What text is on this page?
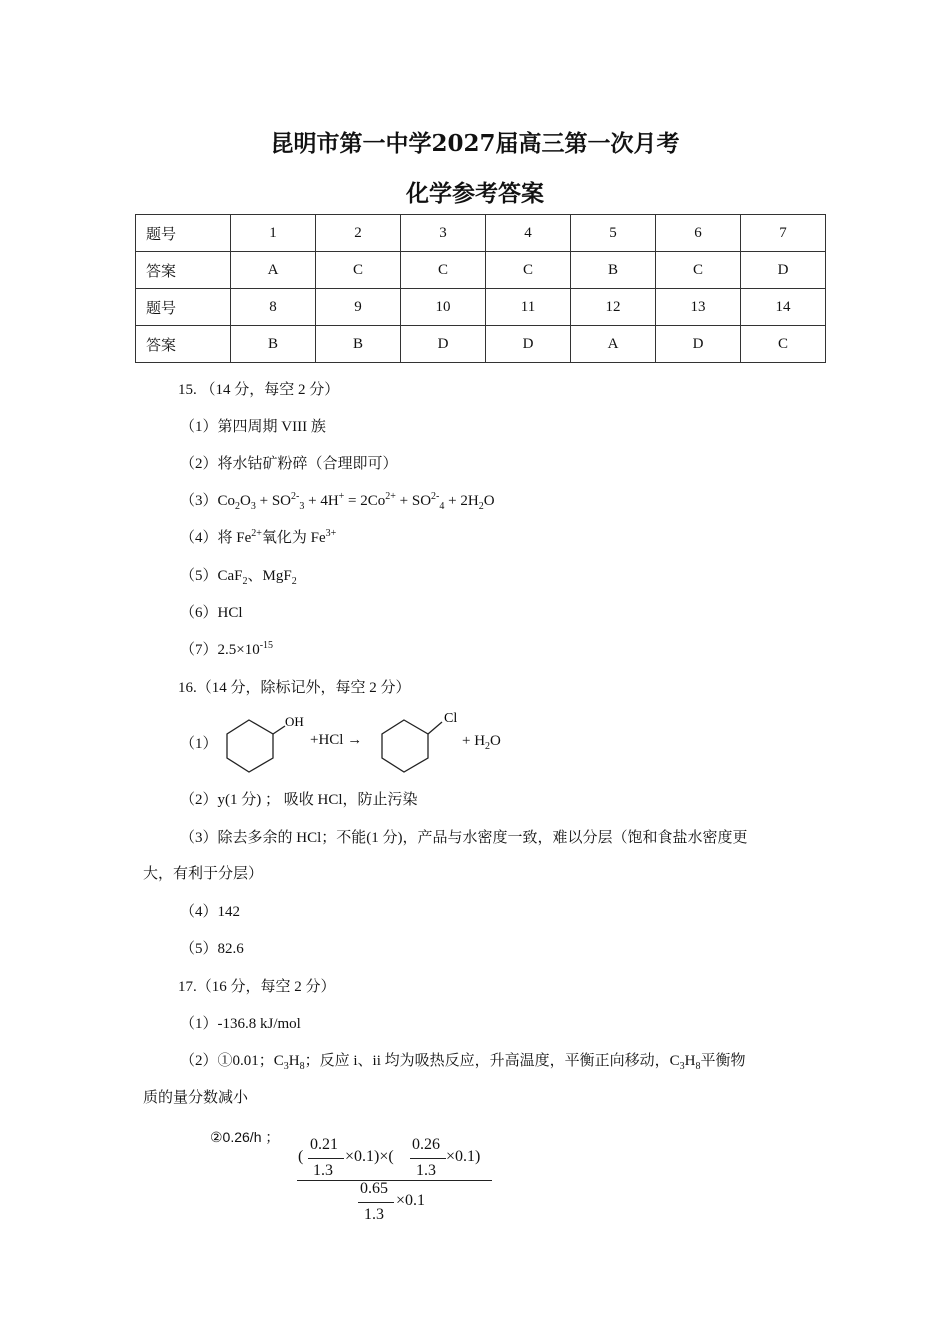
昆明市第一中学2027届高三第一次月考
化学参考答案
题号	1	2	3	4	5	6	7
答案	A	C	C	C	B	C	D
题号	8	9	10	11	12	13	14
答案	B	B	D	D	A	D	C
15. （14 分，每空 2 分）
（1）第四周期 VIII 族
（2）将水钴矿粉碎（合理即可）
$(3)Co_2O_3 + SO^{2-}_3 + 4H^+ = 2Co^{2+} + SO^{2-}_4 + 2H_2O$
（4）将 $Fe^{2+}$氧化为 $Fe^{3+}$
（5）CaF$_2$、MgF$_2$
（6）HCl
$(7)2.5\times 10^{-15}$
16.（14 分，除标记外，每空 2 分）
（1）
OH
+HCl →
Cl
+ $H_2O$
（2）y(1 分) ； 吸收 HCl，防止污染
（3）除去多余的 HCl；不能(1 分)，产品与水密度一致，难以分层（饱和食盐水密度更
大，有利于分层）
（4）142
（5）82.6
17.（16 分，每空 2 分）
（1）-136.8 kJ/mol
（2）①0.01；$C_3H_8$；反应 i、ii 均为吸热反应，升高温度，平衡正向移动，$C_3H_8$平衡物
质的量分数减小
②0.26/h ；
(
0.21
1.3
×0.1)×(
0.26
1.3
×0.1)
0.65
1.3
×0.1
